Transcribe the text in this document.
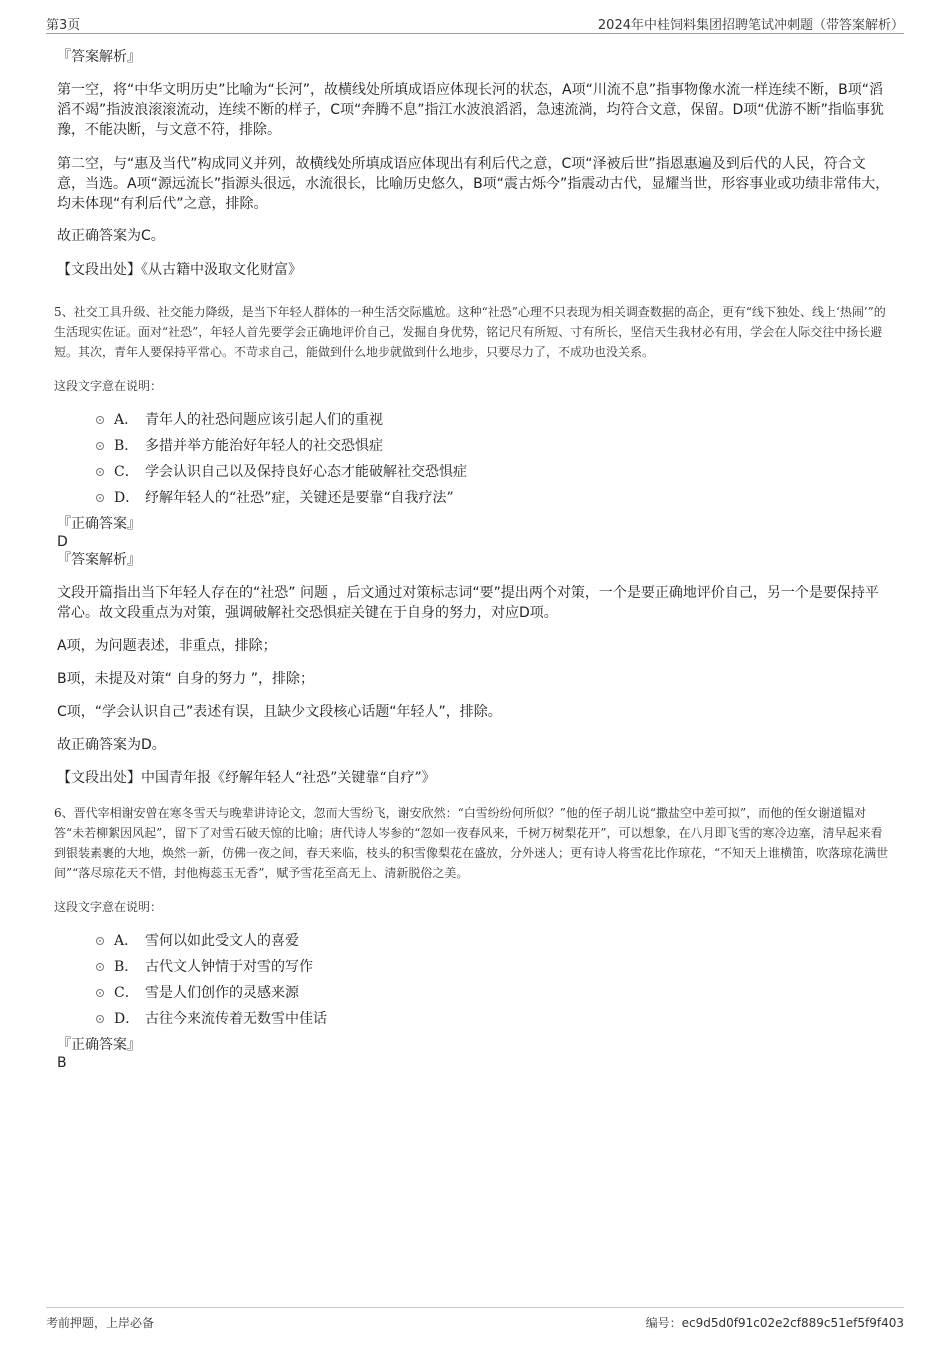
第3页	2024年中桂饲料集团招聘笔试冲刺题（带答案解析）

『答案解析』

第一空，将“中华文明历史”比喻为“长河”，故横线处所填成语应体现长河的状态，A项“川流不息”指事物像水流一样连续不断，B项“滔滔不竭”指波浪滚滚流动，连续不断的样子，C项“奔腾不息”指江水波浪滔滔，急速流淌，均符合文意，保留。D项“优游不断”指临事犹豫，不能决断，与文意不符，排除。

第二空，与“惠及当代”构成同义并列，故横线处所填成语应体现出有利后代之意，C项“泽被后世”指恩惠遍及到后代的人民，符合文意，当选。A项“源远流长”指源头很远，水流很长，比喻历史悠久，B项“震古烁今”指震动古代，显耀当世，形容事业或功绩非常伟大，均未体现“有利后代”之意，排除。

故正确答案为C。

【文段出处】《从古籍中汲取文化财富》

5、社交工具升级、社交能力降级，是当下年轻人群体的一种生活交际尴尬。这种“社恐”心理不只表现为相关调查数据的高企，更有“线下独处、线上‘热闹’”的生活现实佐证。面对“社恐”，年轻人首先要学会正确地评价自己，发掘自身优势，铭记尺有所短、寸有所长，坚信天生我材必有用，学会在人际交往中扬长避短。其次，青年人要保持平常心。不苛求自己，能做到什么地步就做到什么地步，只要尽力了，不成功也没关系。

这段文字意在说明：

A． 青年人的社恐问题应该引起人们的重视
B． 多措并举方能治好年轻人的社交恐惧症
C． 学会认识自己以及保持良好心态才能破解社交恐惧症
D． 纾解年轻人的“社恐”症，关键还是要靠“自我疗法”

『正确答案』

D

『答案解析』

文段开篇指出当下年轻人存在的“社恐” 问题 ，后文通过对策标志词“要”提出两个对策，一个是要正确地评价自己，另一个是要保持平常心。故文段重点为对策，强调破解社交恐惧症关键在于自身的努力，对应D项。

A项，为问题表述，非重点，排除；

B项，未提及对策“ 自身的努力 ”，排除；

C项，“学会认识自己”表述有误，且缺少文段核心话题“年轻人”，排除。

故正确答案为D。

【文段出处】中国青年报《纾解年轻人“社恐”关键靠“自疗”》

6、晋代宰相谢安曾在寒冬雪天与晚辈讲诗论文，忽而大雪纷飞，谢安欣然：“白雪纷纷何所似？”他的侄子胡儿说“撒盐空中差可拟”，而他的侄女谢道韫对答“未若柳絮因风起”，留下了对雪石破天惊的比喻；唐代诗人岑参的“忽如一夜春风来，千树万树梨花开”，可以想象，在八月即飞雪的寒冷边塞，清早起来看到银装素裹的大地，焕然一新，仿佛一夜之间，春天来临，枝头的积雪像梨花在盛放，分外迷人；更有诗人将雪花比作琼花，“不知天上谁横笛，吹落琼花满世间”“落尽琼花天不惜，封他梅蕊玉无香”，赋予雪花至高无上、清新脱俗之美。

这段文字意在说明：

A． 雪何以如此受文人的喜爱
B． 古代文人钟情于对雪的写作
C． 雪是人们创作的灵感来源
D． 古往今来流传着无数雪中佳话

『正确答案』

B

考前押题，上岸必备	编号：ec9d5d0f91c02e2cf889c51ef5f9f403
